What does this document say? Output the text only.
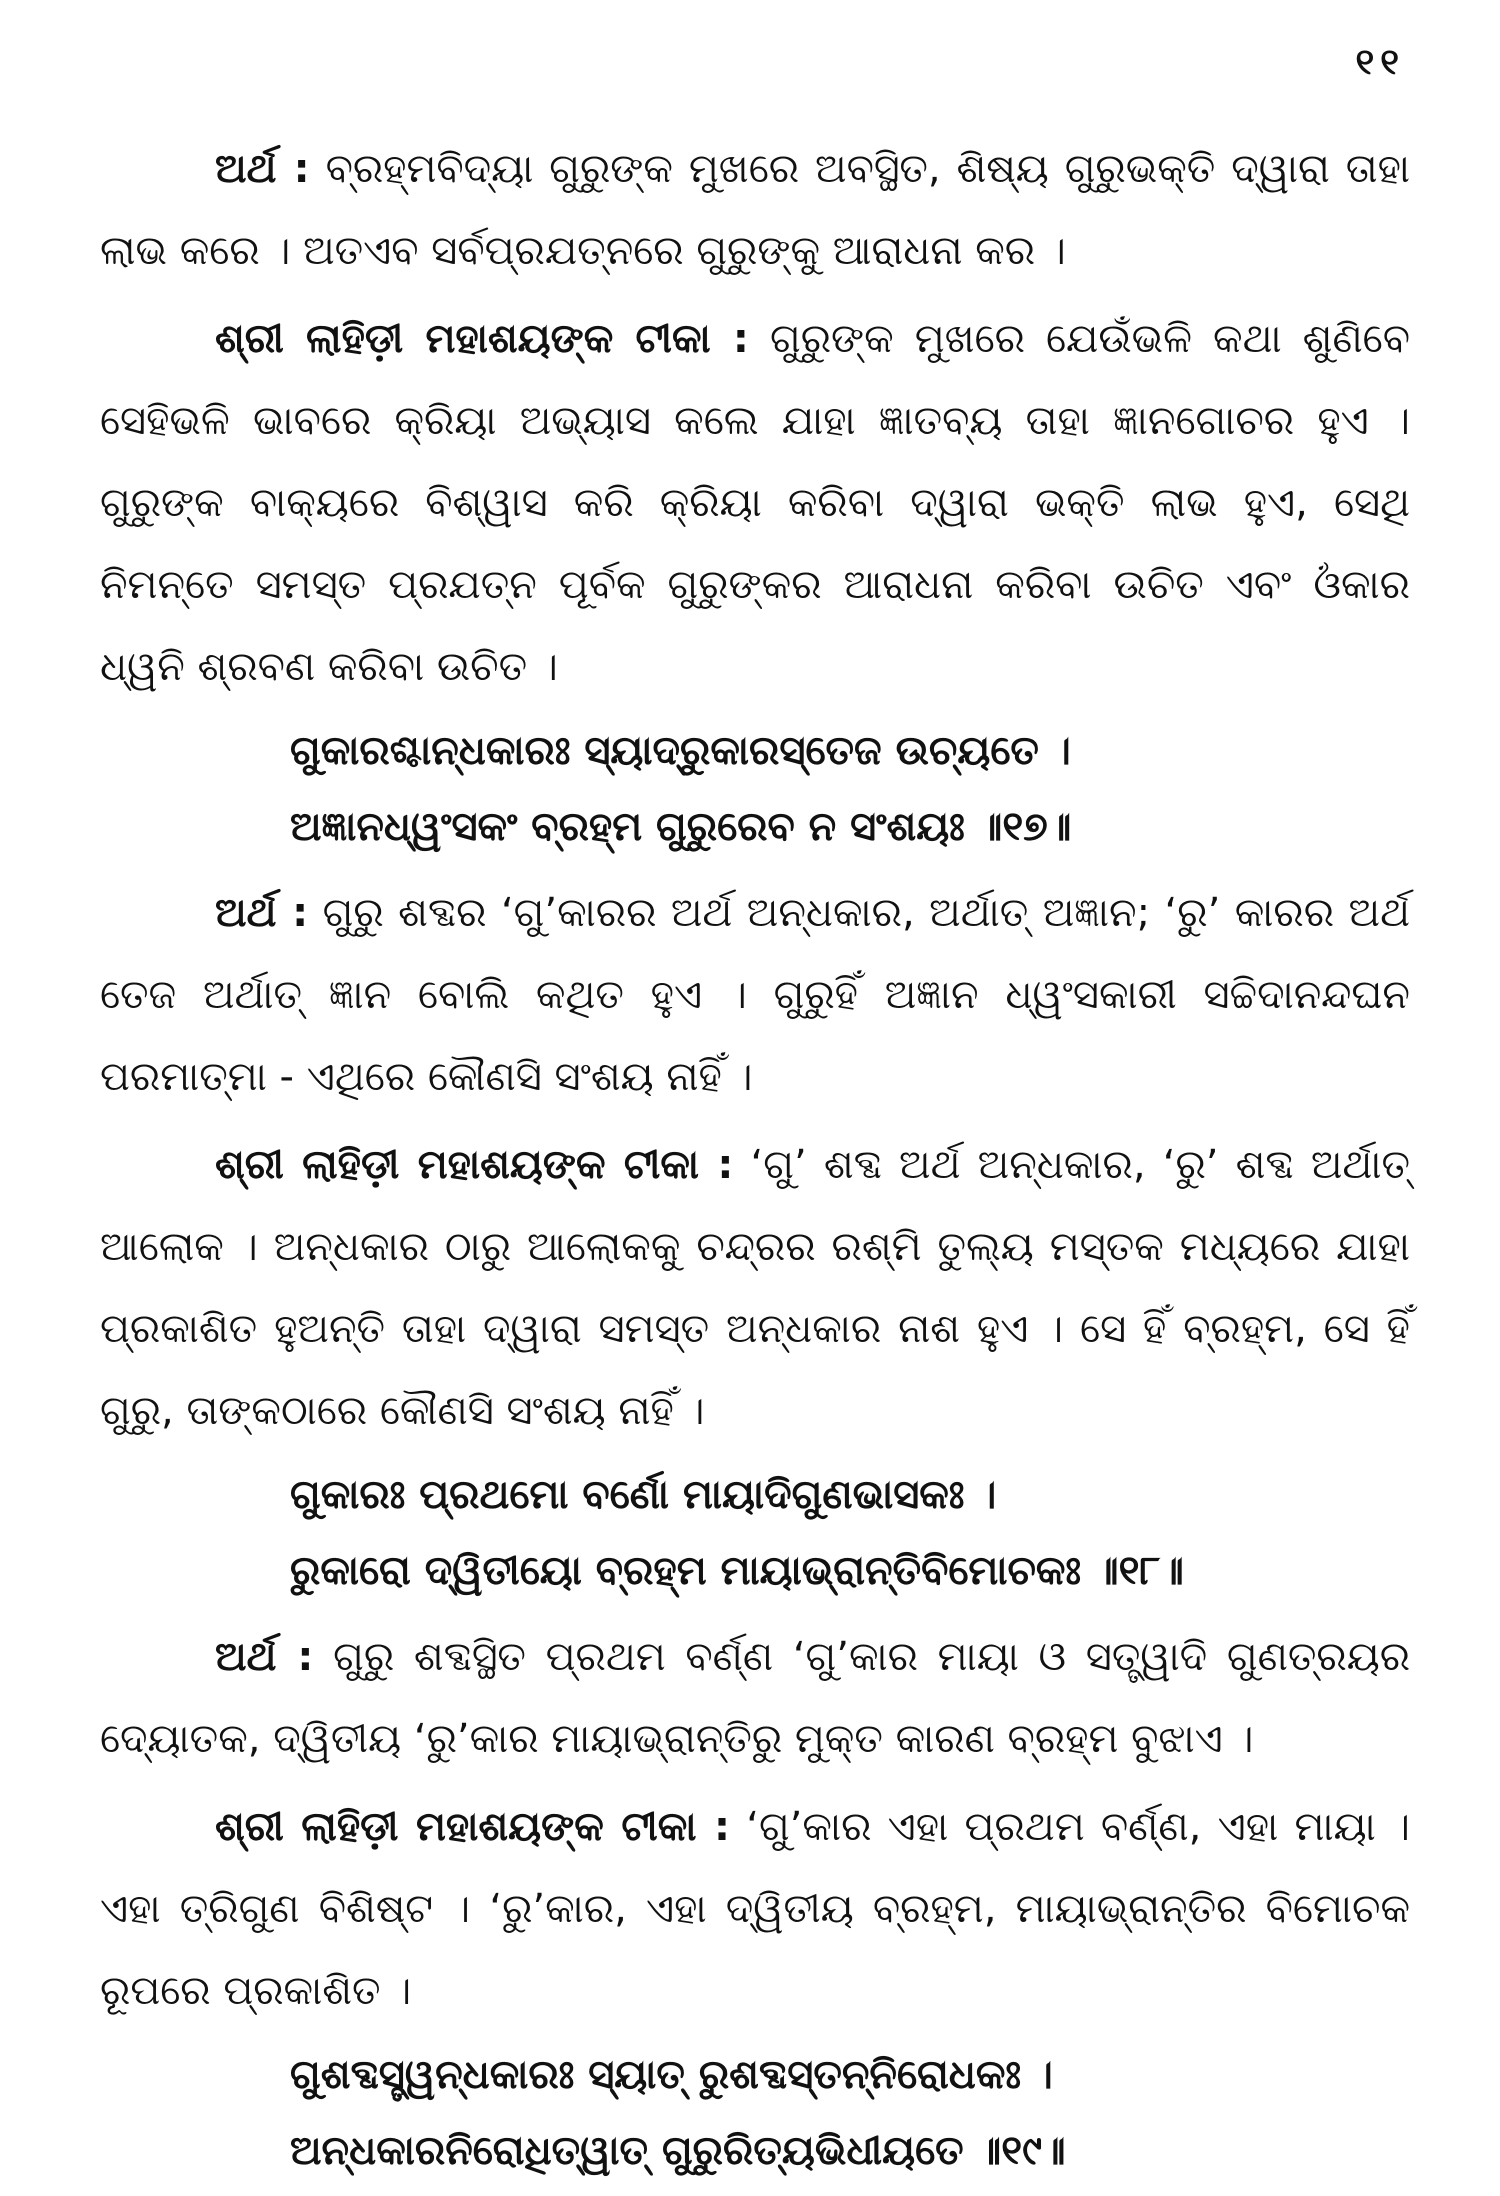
୧୧

ଅର୍ଥ : ବ୍ରହ୍ମବିଦ୍ୟା ଗୁରୁଙ୍କ ମୁଖରେ ଅବସ୍ଥିତ, ଶିଷ୍ୟ ଗୁରୁଭକ୍ତି ଦ୍ୱାରା ତାହା ଲାଭ କରେ । ଅତଏବ ସର୍ବପ୍ରଯତ୍ନରେ ଗୁରୁଙ୍କୁ ଆରାଧନା କର ।

ଶ୍ରୀ ଲାହିଡ଼ୀ ମହାଶୟଙ୍କ ଟୀକା : ଗୁରୁଙ୍କ ମୁଖରେ ଯେଉଁଭଳି କଥା ଶୁଣିବେ ସେହିଭଳି ଭାବରେ କ୍ରିୟା ଅଭ୍ୟାସ କଲେ ଯାହା ଜ୍ଞାତବ୍ୟ ତାହା ଜ୍ଞାନଗୋଚର ହୁଏ । ଗୁରୁଙ୍କ ବାକ୍ୟରେ ବିଶ୍ୱାସ କରି କ୍ରିୟା କରିବା ଦ୍ୱାରା ଭକ୍ତି ଲାଭ ହୁଏ, ସେଥି ନିମନ୍ତେ ସମସ୍ତ ପ୍ରଯତ୍ନ ପୂର୍ବକ ଗୁରୁଙ୍କର ଆରାଧନା କରିବା ଉଚିତ ଏବଂ ଓଁକାର ଧ୍ୱନି ଶ୍ରବଣ କରିବା ଉଚିତ ।

ଗୁକାରଶ୍ଚାନ୍ଧକାରଃ ସ୍ୟାଦ୍ରୁକାରସ୍ତେଜ ଉଚ୍ୟତେ ।
ଅଜ୍ଞାନଧ୍ୱଂସକଂ ବ୍ରହ୍ମ ଗୁରୁରେବ ନ ସଂଶୟଃ ॥୧୭॥

ଅର୍ଥ : ଗୁରୁ ଶବ୍ଦର ‘ଗୁ’କାରର ଅର୍ଥ ଅନ୍ଧକାର, ଅର୍ଥାତ୍ ଅଜ୍ଞାନ; ‘ରୁ’ କାରର ଅର୍ଥ ତେଜ ଅର୍ଥାତ୍ ଜ୍ଞାନ ବୋଲି କଥିତ ହୁଏ । ଗୁରୁହିଁ ଅଜ୍ଞାନ ଧ୍ୱଂସକାରୀ ସଚ୍ଚିଦାନନ୍ଦଘନ ପରମାତ୍ମା - ଏଥିରେ କୌଣସି ସଂଶୟ ନାହିଁ ।

ଶ୍ରୀ ଲାହିଡ଼ୀ ମହାଶୟଙ୍କ ଟୀକା : ‘ଗୁ’ ଶବ୍ଦ ଅର୍ଥ ଅନ୍ଧକାର, ‘ରୁ’ ଶବ୍ଦ ଅର୍ଥାତ୍ ଆଲୋକ । ଅନ୍ଧକାର ଠାରୁ ଆଲୋକକୁ ଚନ୍ଦ୍ରର ରଶ୍ମି ତୁଲ୍ୟ ମସ୍ତକ ମଧ୍ୟରେ ଯାହା ପ୍ରକାଶିତ ହୁଅନ୍ତି ତାହା ଦ୍ୱାରା ସମସ୍ତ ଅନ୍ଧକାର ନାଶ ହୁଏ । ସେ ହିଁ ବ୍ରହ୍ମ, ସେ ହିଁ ଗୁରୁ, ତାଙ୍କଠାରେ କୌଣସି ସଂଶୟ ନାହିଁ ।

ଗୁକାରଃ ପ୍ରଥମୋ ବର୍ଣୋ ମାୟାଦିଗୁଣଭାସକଃ ।
ରୁକାରୋ ଦ୍ୱିତୀୟୋ ବ୍ରହ୍ମ ମାୟାଭ୍ରାନ୍ତିବିମୋଚକଃ ॥୧୮॥

ଅର୍ଥ : ଗୁରୁ ଶବ୍ଦସ୍ଥିତ ପ୍ରଥମ ବର୍ଣ୍ଣ ‘ଗୁ’କାର ମାୟା ଓ ସତ୍ତ୍ୱାଦି ଗୁଣତ୍ରୟର ଦ୍ୟୋତକ, ଦ୍ୱିତୀୟ ‘ରୁ’କାର ମାୟାଭ୍ରାନ୍ତିରୁ ମୁକ୍ତ କାରଣ ବ୍ରହ୍ମ ବୁଝାଏ ।

ଶ୍ରୀ ଲାହିଡ଼ୀ ମହାଶୟଙ୍କ ଟୀକା : ‘ଗୁ’କାର ଏହା ପ୍ରଥମ ବର୍ଣ୍ଣ, ଏହା ମାୟା । ଏହା ତ୍ରିଗୁଣ ବିଶିଷ୍ଟ । ‘ରୁ’କାର, ଏହା ଦ୍ୱିତୀୟ ବ୍ରହ୍ମ, ମାୟାଭ୍ରାନ୍ତିର ବିମୋଚକ ରୂପରେ ପ୍ରକାଶିତ ।

ଗୁଶବ୍ଦସ୍ତ୍ୱନ୍ଧକାରଃ ସ୍ୟାତ୍ ରୁଶବ୍ଦସ୍ତନ୍ନିରୋଧକଃ ।
ଅନ୍ଧକାରନିରୋଧିତ୍ୱାତ୍ ଗୁରୁରିତ୍ୟଭିଧୀୟତେ ॥୧୯॥
